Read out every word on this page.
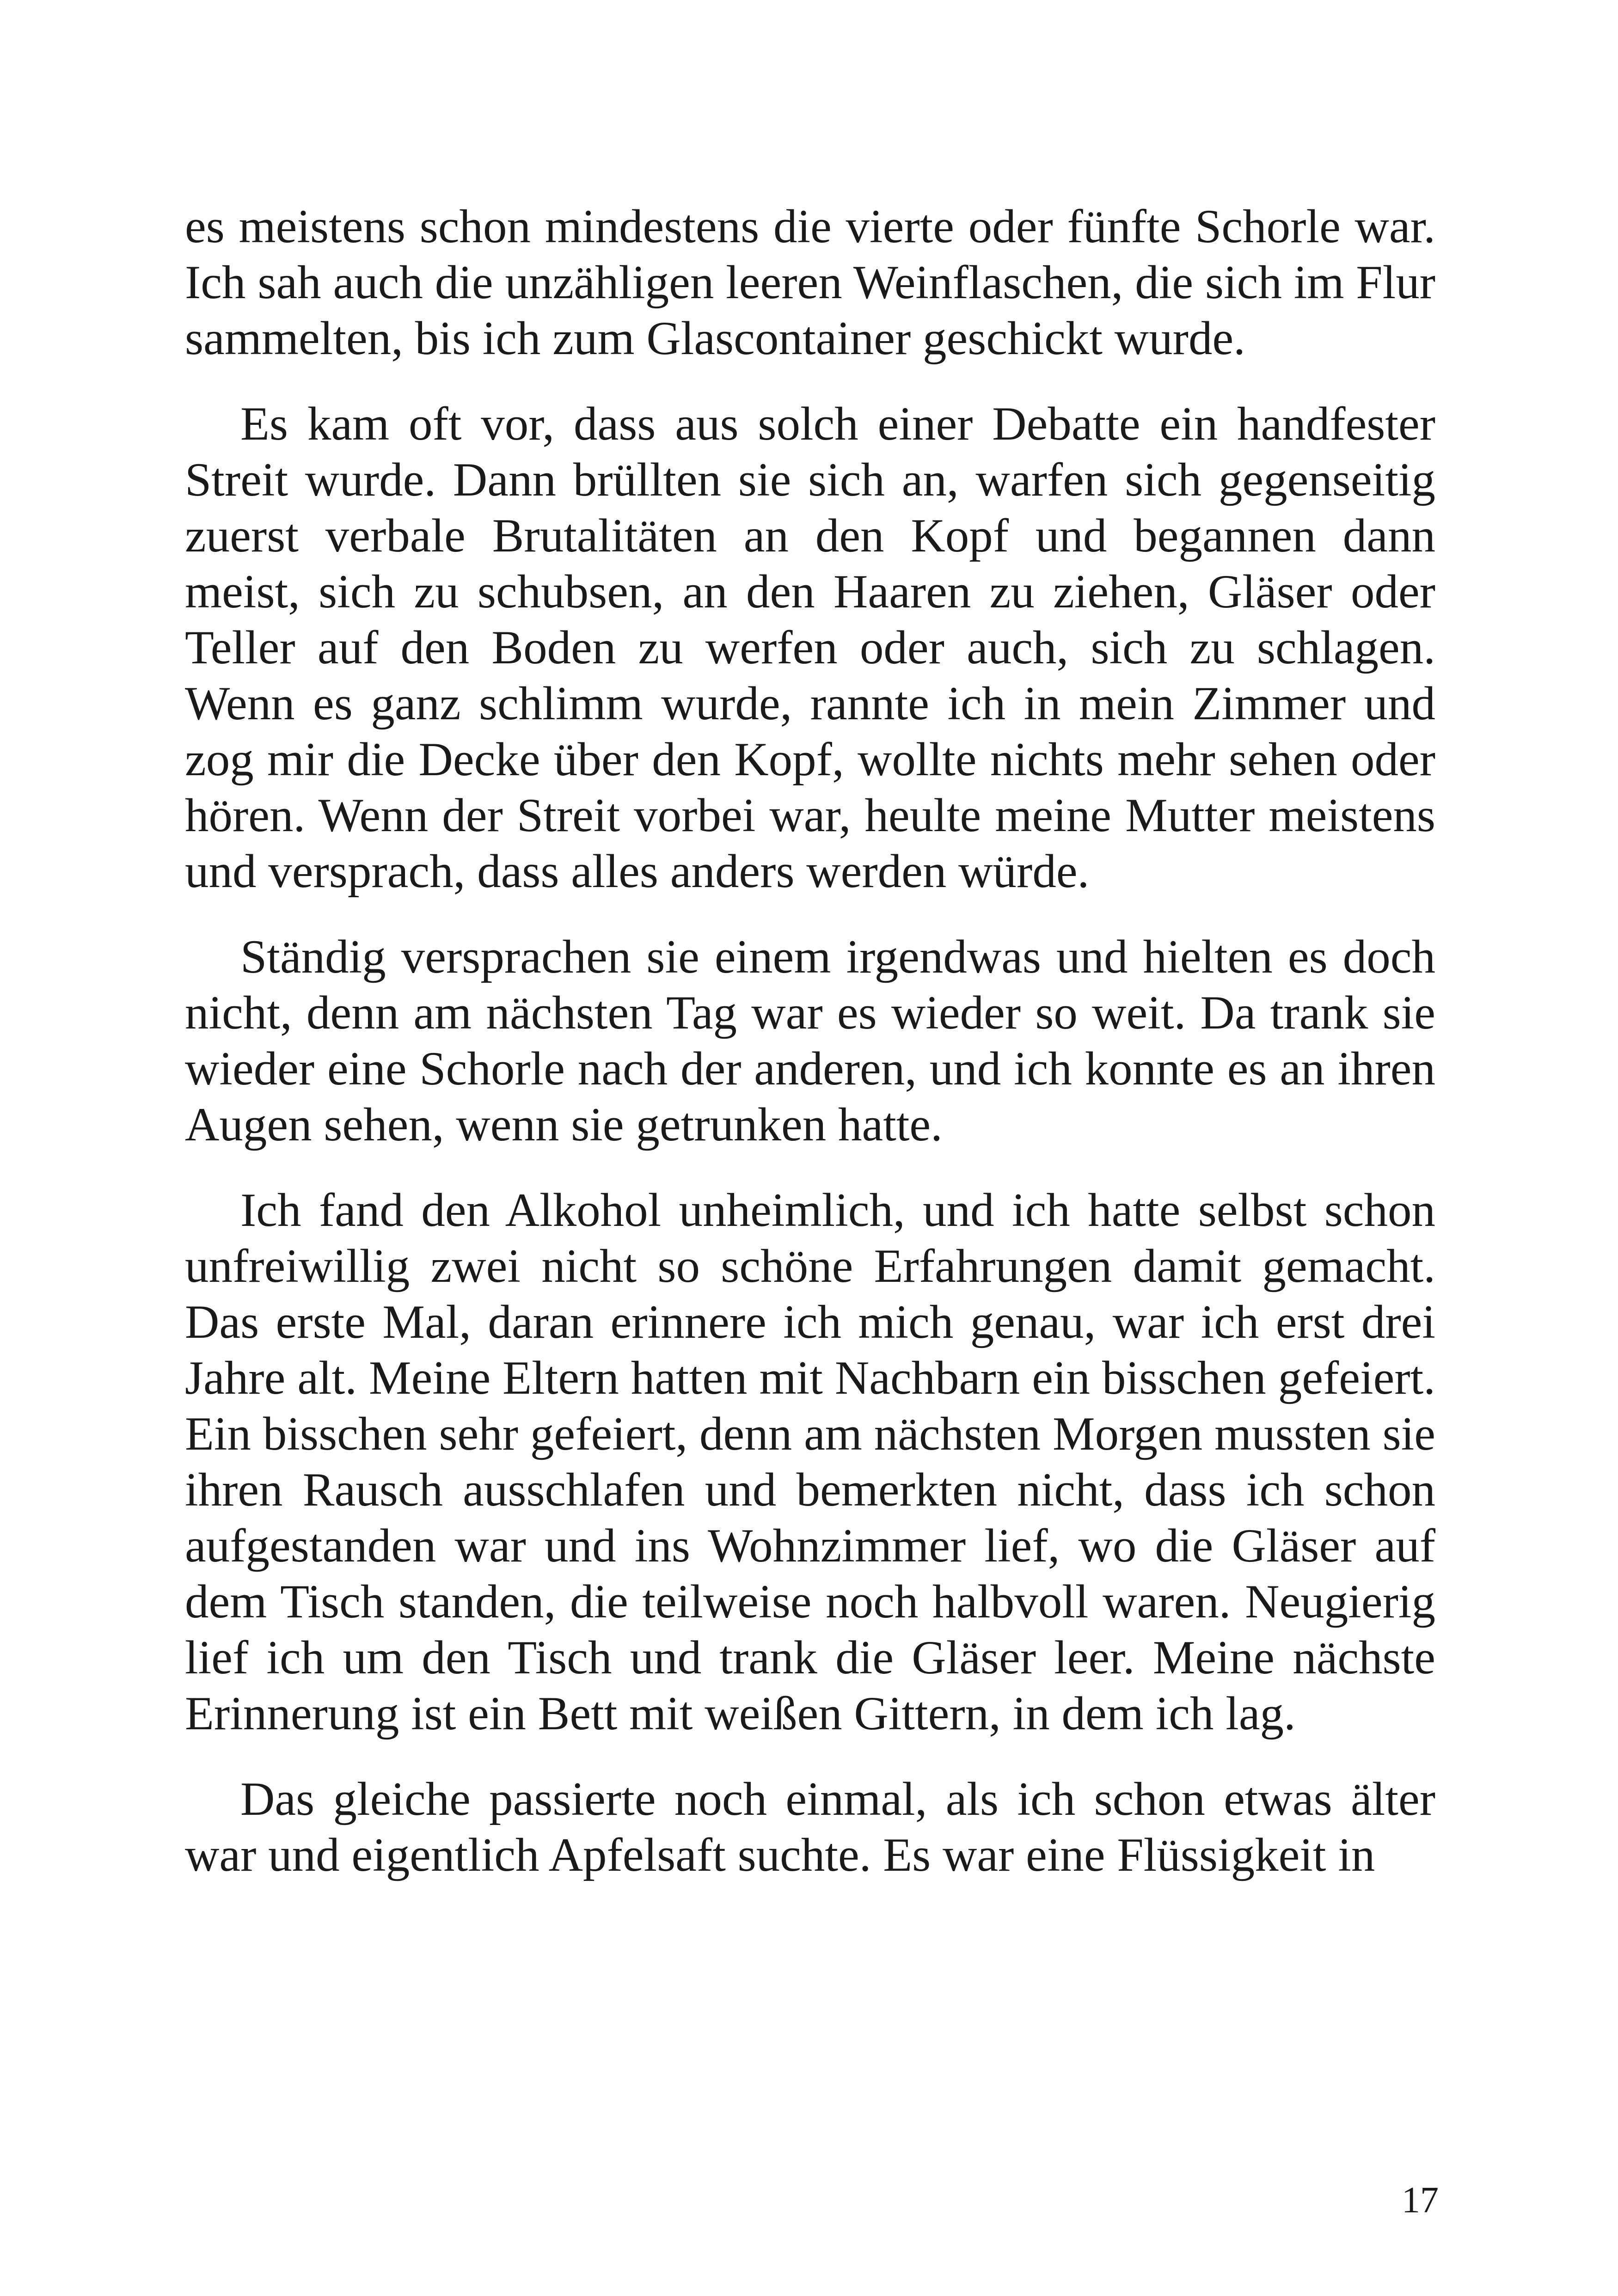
es meistens schon mindestens die vierte oder fünfte Schorle war. Ich sah auch die unzähligen leeren Weinflaschen, die sich im Flur sammelten, bis ich zum Glascontainer geschickt wurde.

Es kam oft vor, dass aus solch einer Debatte ein handfester Streit wurde. Dann brüllten sie sich an, warfen sich gegenseitig zuerst verbale Brutalitäten an den Kopf und begannen dann meist, sich zu schubsen, an den Haaren zu ziehen, Gläser oder Teller auf den Boden zu werfen oder auch, sich zu schlagen. Wenn es ganz schlimm wurde, rannte ich in mein Zimmer und zog mir die Decke über den Kopf, wollte nichts mehr sehen oder hören. Wenn der Streit vorbei war, heulte meine Mutter meistens und versprach, dass alles anders werden würde.

Ständig versprachen sie einem irgendwas und hielten es doch nicht, denn am nächsten Tag war es wieder so weit. Da trank sie wieder eine Schorle nach der anderen, und ich konnte es an ihren Augen sehen, wenn sie getrunken hatte.

Ich fand den Alkohol unheimlich, und ich hatte selbst schon unfreiwillig zwei nicht so schöne Erfahrungen damit gemacht. Das erste Mal, daran erinnere ich mich genau, war ich erst drei Jahre alt. Meine Eltern hatten mit Nachbarn ein bisschen gefeiert. Ein bisschen sehr gefeiert, denn am nächsten Morgen mussten sie ihren Rausch ausschlafen und bemerkten nicht, dass ich schon aufgestanden war und ins Wohnzimmer lief, wo die Gläser auf dem Tisch standen, die teilweise noch halbvoll waren. Neugierig lief ich um den Tisch und trank die Gläser leer. Meine nächste Erinnerung ist ein Bett mit weißen Gittern, in dem ich lag.

Das gleiche passierte noch einmal, als ich schon etwas älter war und eigentlich Apfelsaft suchte. Es war eine Flüssigkeit in

17
